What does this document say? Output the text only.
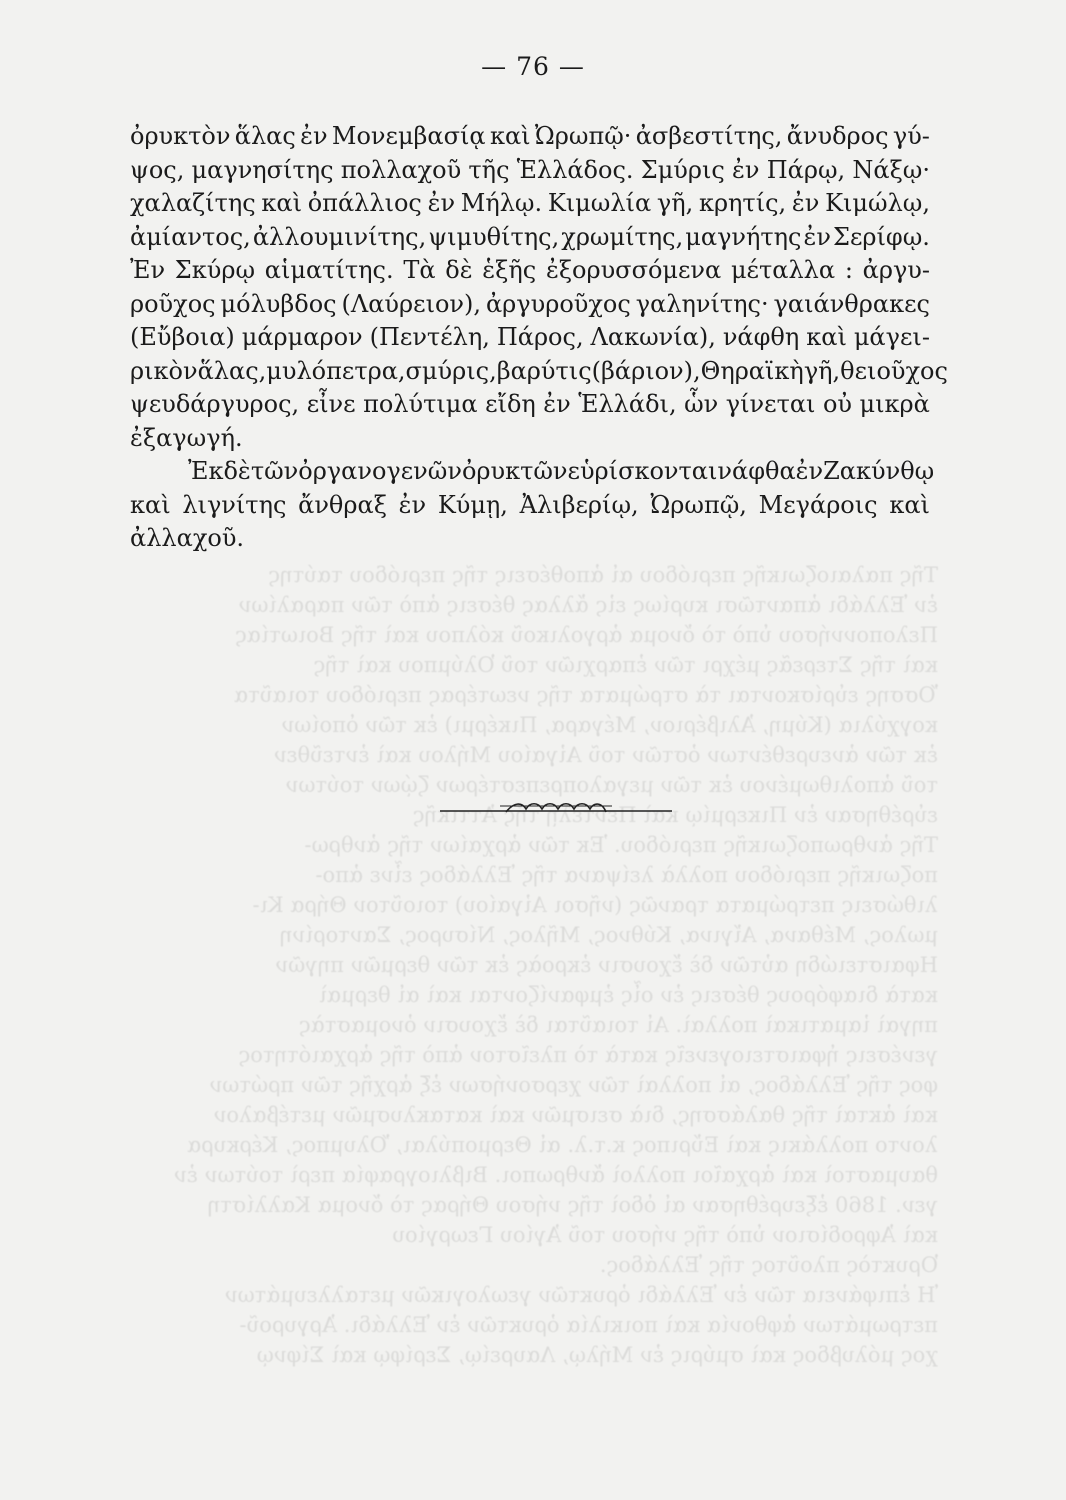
Τῆς παλαιοζωικῆς περιόδου αἱ ἀποθέσεις τῆς περιόδου ταύτης
ἐν Ἑλλάδι ἀπαντῶσι κυρίως εἰς ἄλλας θέσεις ἀπὸ τῶν παραλίων
Πελοποννήσου ὑπὸ τὸ ὄνομα ἀργολικοῦ κόλπου καὶ τῆς Βοιωτίας
καὶ τῆς Στερεᾶς μέχρι τῶν ἐπαρχιῶν τοῦ Ὀλύμπου καὶ τῆς
Ὄσσης εὑρίσκονται τὰ στρώματα τῆς νεωτέρας περιόδου τοιαῦτα
κογχύλια (Κύμη, Ἀλιβέριον, Μέγαρα, Πικέρμι) ἐκ τῶν ὁποίων
ἐκ τῶν ἀνευρεθέντων ὀστῶν τοῦ Αἰγαίου Μήλου καὶ ἐντεῦθεν
τοῦ ἀπολιθωμένου ἐκ τῶν μεγαλοπρεπεστέρων ζῴων τούτων
εὑρέθησαν ἐν Πικερμίῳ καὶ Πεντέλῃ τῆς Ἀττικῆς
Τῆς ἀνθρωποζωικῆς περιόδου. Ἐκ τῶν ἀρχαίων τῆς ἀνθρω-
ποζωικῆς περιόδου πολλὰ λείψανα τῆς Ἑλλάδος εἶνε ἀπο-
λιθώσεις πετρώματα τρανῶς (νῆσοι Αἰγαίου) τοιοῦτον Θήρα Κι-
μωλος, Μέθανα, Αἴγινα, Κύθνος, Μῆλος, Νίσυρος, Σαντορίνη
Ηφαιστειώδη αὐτῶν δὲ ἔχουσιν ἐκροὰς ἐκ τῶν θερμῶν πηγῶν
κατὰ διαφόρους θέσεις ἐν οἷς ἐμφανίζονται καὶ αἱ θερμαὶ
πηγαὶ ἰαματικαὶ πολλαὶ. Αἱ τοιαῦται δὲ ἔχουσιν ὀνομαστὰς
γενέσεις ἡφαιστειογενεῖς κατὰ τὸ πλεῖστον ἀπὸ τῆς ἀρχαιότητος
φος τῆς Ἑλλάδος, αἱ πολλαὶ τῶν χερσονήσων ἐξ ἀρχῆς τῶν πρώτων
καὶ ἀκταὶ τῆς θαλάσσης, διὰ σεισμῶν καὶ κατακλυσμῶν μετέβαλον
λοντο πολλάκις καὶ Εὔριπος κ.τ.λ. αἱ Θερμοπύλαι, Ὄλυμπος, Κέρκυρα
θαυμαστοὶ καὶ ἀρχαῖοι πολλοὶ ἄνθρωποι. Βιβλιογραφία περὶ τούτων ἐν
γεν. 1860 ἐξευρέθησαν αἱ ὁδοὶ τῆς νήσου Θήρας τὸ ὄνομα Καλλίστη
καὶ Ἀφροδίσιον ὑπὸ τῆς νήσου τοῦ Ἀγίου Γεωργίου
Ὀρυκτὸς πλοῦτος τῆς Ἑλλάδος.
Ἡ ἐπιφάνεια τῶν ἐν Ἑλλάδι ὀρυκτῶν γεωλογικῶν μεταλλευμάτων
πετρωμάτων ἀφθονία καὶ ποικιλία ὀρυκτῶν ἐν Ἑλλάδι. Ἀργυροῦ-
χος μόλυβδος καὶ σμύρις ἐν Μήλῳ, Λαυρείῳ, Σερίφῳ καὶ Σίφνῳ
— 76 —
ὀρυκτὸν ἅλας ἐν Μονεμβασίᾳ καὶ Ὠρωπῷ· ἀσβεστίτης, ἄνυδρος γύ-
ψος, μαγνησίτης πολλαχοῦ τῆς Ἑλλάδος. Σμύρις ἐν Πάρῳ, Νάξῳ·
χαλαζίτης καὶ ὀπάλλιος ἐν Μήλῳ. Κιμωλία γῆ, κρητίς, ἐν Κιμώλῳ,
ἀμίαντος, ἀλλουμινίτης, ψιμυθίτης, χρωμίτης, μαγνήτης ἐν Σερίφῳ.
Ἐν Σκύρῳ αἱματίτης. Τὰ δὲ ἑξῆς ἐξορυσσόμενα μέταλλα : ἀργυ-
ροῦχος μόλυβδος (Λαύρειον), ἀργυροῦχος γαληνίτης· γαιάνθρακες
(Εὔβοια) μάρμαρον (Πεντέλη, Πάρος, Λακωνία), νάφθη καὶ μάγει-
ρικὸν ἅλας, μυλόπετρα, σμύρις, βαρύτις (βάριον), Θηραϊκὴ γῆ, θειοῦχος
ψευδάργυρος, εἶνε πολύτιμα εἴδη ἐν Ἑλλάδι, ὧν γίνεται οὐ μικρὰ
ἐξαγωγή.
Ἐκ δὲ τῶν ὀργανογενῶν ὀρυκτῶν εὑρίσκονται νάφθα ἐν Ζακύνθῳ
καὶ λιγνίτης ἄνθραξ ἐν Κύμῃ, Ἀλιβερίῳ, Ὠρωπῷ, Μεγάροις καὶ
ἀλλαχοῦ.
